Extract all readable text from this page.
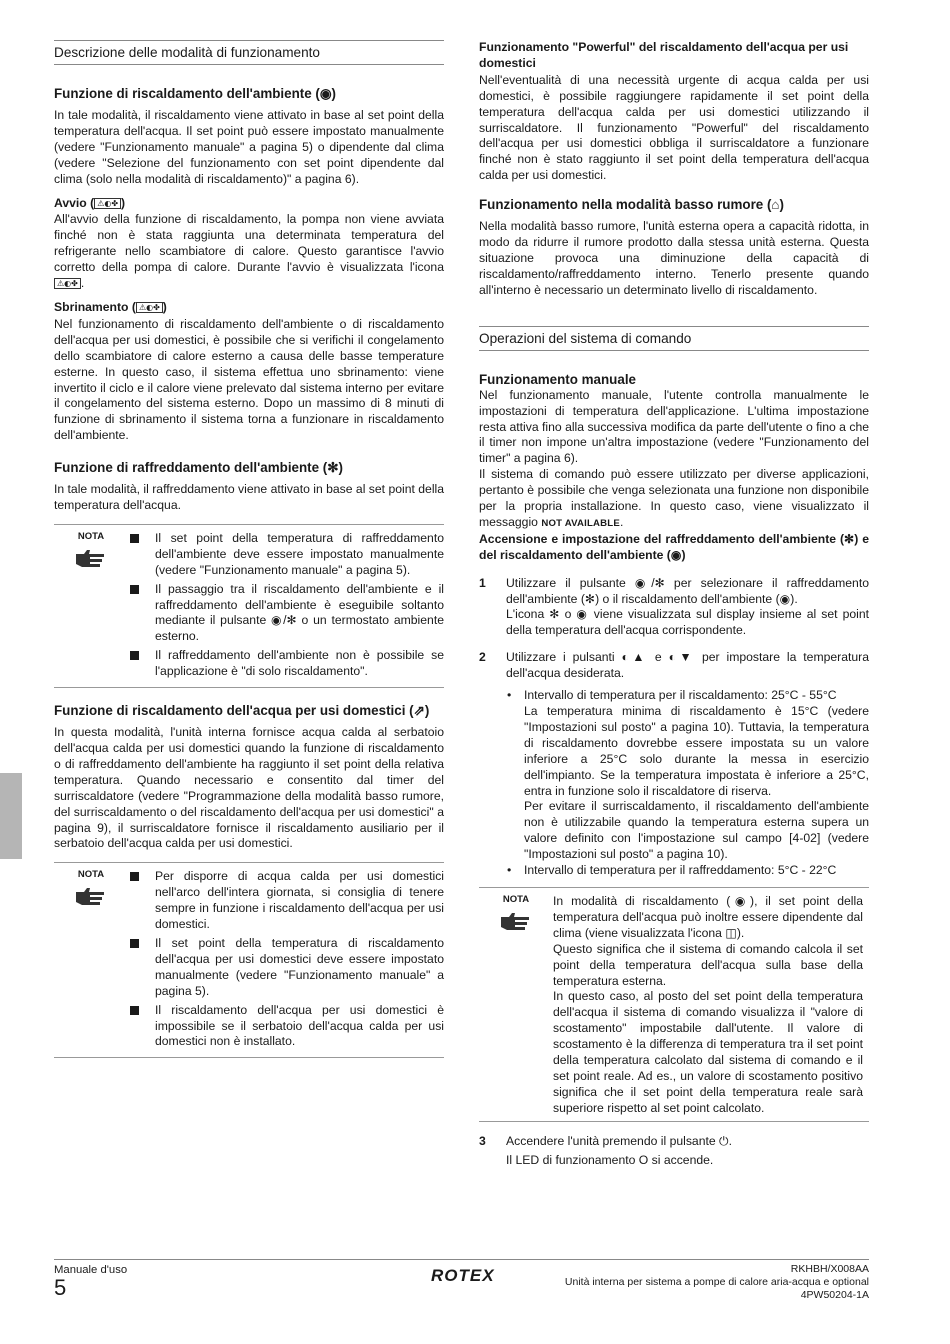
Descrizione delle modalità di funzionamento
Funzione di riscaldamento dell'ambiente (◉)

In tale modalità, il riscaldamento viene attivato in base al set point della temperatura dell'acqua. Il set point può essere impostato manualmente (vedere "Funzionamento manuale" a pagina 5) o dipendente dal clima (vedere "Selezione del funzionamento con set point dipendente dal clima (solo nella modalità di riscaldamento)" a pagina 6).

Avvio ( ⚠◐✤ )

All'avvio della funzione di riscaldamento, la pompa non viene avviata finché non è stata raggiunta una determinata temperatura del refrigerante nello scambiatore di calore. Questo garantisce l'avvio corretto della pompa di calore. Durante l'avvio è visualizzata l'icona ⚠◐✤ .

Sbrinamento ( ⚠◐✤ )

Nel funzionamento di riscaldamento dell'ambiente o di riscaldamento dell'acqua per usi domestici, è possibile che si verifichi il congelamento dello scambiatore di calore esterno a causa delle basse temperature esterne. In questo caso, il sistema effettua uno sbrinamento: viene invertito il ciclo e il calore viene prelevato dal sistema interno per evitare il congelamento del sistema esterno. Dopo un massimo di 8 minuti di funzione di sbrinamento il sistema torna a funzionare in riscaldamento dell'ambiente.

Funzione di raffreddamento dell'ambiente (✻)

In tale modalità, il raffreddamento viene attivato in base al set point della temperatura dell'acqua.

NOTA	Il set point della temperatura di raffreddamento dell'ambiente deve essere impostato manualmente (vedere "Funzionamento manuale" a pagina 5).
Il passaggio tra il riscaldamento dell'ambiente e il raffreddamento dell'ambiente è eseguibile soltanto mediante il pulsante ◉/✻ o un termostato ambiente esterno.
Il raffreddamento dell'ambiente non è possibile se l'applicazione è "di solo riscaldamento".
Funzione di riscaldamento dell'acqua per usi domestici (⇗)

In questa modalità, l'unità interna fornisce acqua calda al serbatoio dell'acqua calda per usi domestici quando la funzione di riscaldamento o di raffreddamento dell'ambiente ha raggiunto il set point della relativa temperatura. Quando necessario e consentito dal timer del surriscaldatore (vedere "Programmazione della modalità basso rumore, del surriscaldamento o del riscaldamento dell'acqua per usi domestici" a pagina 9), il surriscaldatore fornisce il riscaldamento ausiliario per il serbatoio dell'acqua calda per usi domestici.

NOTA	Per disporre di acqua calda per usi domestici nell'arco dell'intera giornata, si consiglia di tenere sempre in funzione i riscaldamento dell'acqua per usi domestici.
Il set point della temperatura di riscaldamento dell'acqua per usi domestici deve essere impostato manualmente (vedere "Funzionamento manuale" a pagina 5).
Il riscaldamento dell'acqua per usi domestici è impossibile se il serbatoio dell'acqua calda per usi domestici non è installato.
Funzionamento "Powerful" del riscaldamento dell'acqua per usi domestici

Nell'eventualità di una necessità urgente di acqua calda per usi domestici, è possibile raggiungere rapidamente il set point della temperatura dell'acqua calda per usi domestici utilizzando il surriscaldatore. Il funzionamento "Powerful" del riscaldamento dell'acqua per usi domestici obbliga il surriscaldatore a funzionare finché non è stato raggiunto il set point della temperatura dell'acqua calda per usi domestici.

Funzionamento nella modalità basso rumore (⌂)

Nella modalità basso rumore, l'unità esterna opera a capacità ridotta, in modo da ridurre il rumore prodotto dalla stessa unità esterna. Questa situazione provoca una diminuzione della capacità di riscaldamento/raffreddamento interno. Tenerlo presente quando all'interno è necessario un determinato livello di riscaldamento.

Operazioni del sistema di comando
Funzionamento manuale

Nel funzionamento manuale, l'utente controlla manualmente le impostazioni di temperatura dell'applicazione. L'ultima impostazione resta attiva fino alla successiva modifica da parte dell'utente o fino a che il timer non impone un'altra impostazione (vedere "Funzionamento del timer" a pagina 6).

Il sistema di comando può essere utilizzato per diverse applicazioni, pertanto è possibile che venga selezionata una funzione non disponibile per la propria installazione. In questo caso, viene visualizzato il messaggio NOT AVAILABLE.

Accensione e impostazione del raffreddamento dell'ambiente (✻) e del riscaldamento dell'ambiente (◉)

1	Utilizzare il pulsante ◉/✻ per selezionare il raffreddamento dell'ambiente (✻) o il riscaldamento dell'ambiente (◉).

L'icona ✻ o ◉ viene visualizzata sul display insieme al set point della temperatura dell'acqua corrispondente.

2	Utilizzare i pulsanti ◐▲ e ◐▼ per impostare la temperatura dell'acqua desiderata.

• Intervallo di temperatura per il riscaldamento: 25°C - 55°C
La temperatura minima di riscaldamento è 15°C (vedere "Impostazioni sul posto" a pagina 10). Tuttavia, la temperatura di riscaldamento dovrebbe essere impostata su un valore inferiore a 25°C solo durante la messa in esercizio dell'impianto. Se la temperatura impostata è inferiore a 25°C, entra in funzione solo il riscaldatore di riserva.
Per evitare il surriscaldamento, il riscaldamento dell'ambiente non è utilizzabile quando la temperatura esterna supera un valore definito con l'impostazione sul campo [4-02] (vedere "Impostazioni sul posto" a pagina 10).
• Intervallo di temperatura per il raffreddamento: 5°C - 22°C
NOTA	In modalità di riscaldamento (◉), il set point della temperatura dell'acqua può inoltre essere dipendente dal clima (viene visualizzata l'icona ◫).
Questo significa che il sistema di comando calcola il set point della temperatura dell'acqua sulla base della temperatura esterna.
In questo caso, al posto del set point della temperatura dell'acqua il sistema di comando visualizza il "valore di scostamento" impostabile dall'utente. Il valore di scostamento è la differenza di temperatura tra il set point della temperatura calcolato dal sistema di comando e il set point reale. Ad es., un valore di scostamento positivo significa che il set point della temperatura reale sarà superiore rispetto al set point calcolato.
3	Accendere l'unità premendo il pulsante ⏻.

Il LED di funzionamento O si accende.

Manuale d'uso
5	ROTEX	RKHBH/X008AA
Unità interna per sistema a pompe di calore aria-acqua e optional
4PW50204-1A
